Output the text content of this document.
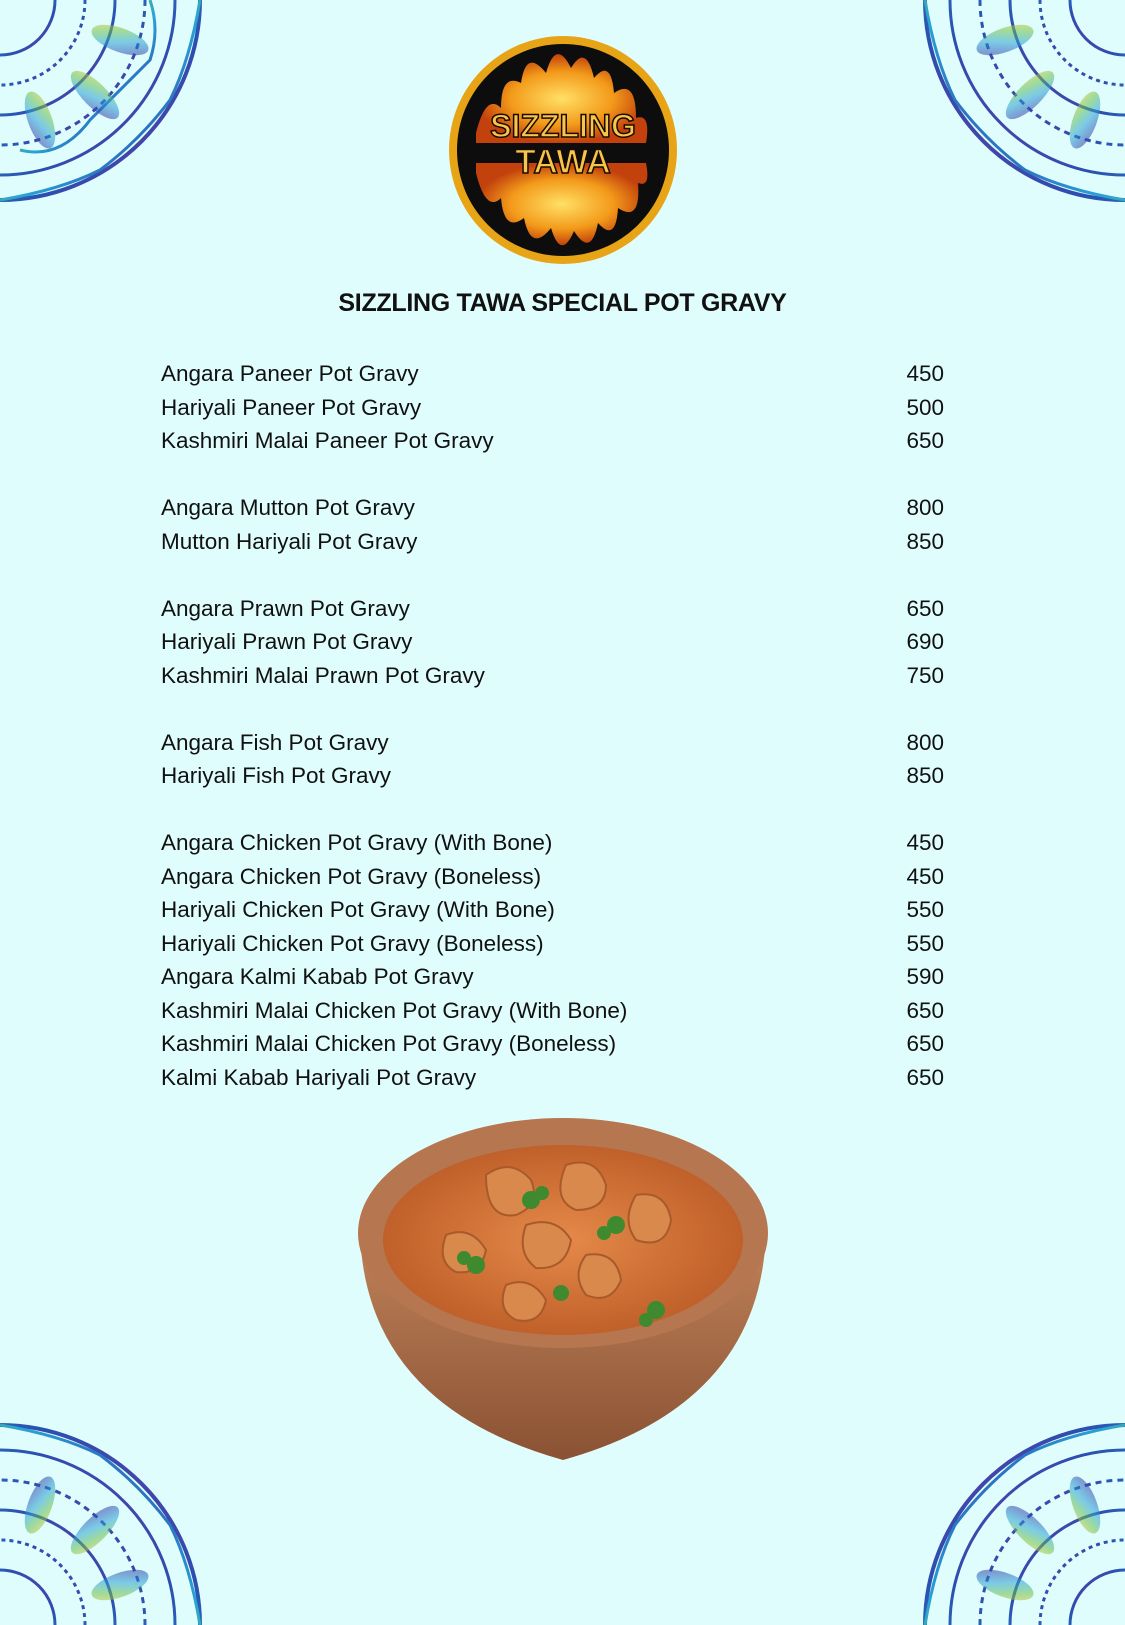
SIZZLING
TAWA
SIZZLING TAWA SPECIAL POT GRAVY
Angara Paneer Pot Gravy	450
Hariyali Paneer Pot Gravy	500
Kashmiri Malai Paneer Pot Gravy	650
Angara Mutton Pot Gravy	800
Mutton Hariyali Pot Gravy	850
Angara Prawn Pot Gravy	650
Hariyali Prawn Pot Gravy	690
Kashmiri Malai Prawn Pot Gravy	750
Angara Fish Pot Gravy	800
Hariyali Fish Pot Gravy	850
Angara Chicken Pot Gravy (With Bone)	450
Angara Chicken Pot Gravy (Boneless)	450
Hariyali Chicken Pot Gravy (With Bone)	550
Hariyali Chicken Pot Gravy (Boneless)	550
Angara Kalmi Kabab Pot Gravy	590
Kashmiri Malai Chicken Pot Gravy (With Bone)	650
Kashmiri Malai Chicken Pot Gravy (Boneless)	650
Kalmi Kabab Hariyali Pot Gravy	650
